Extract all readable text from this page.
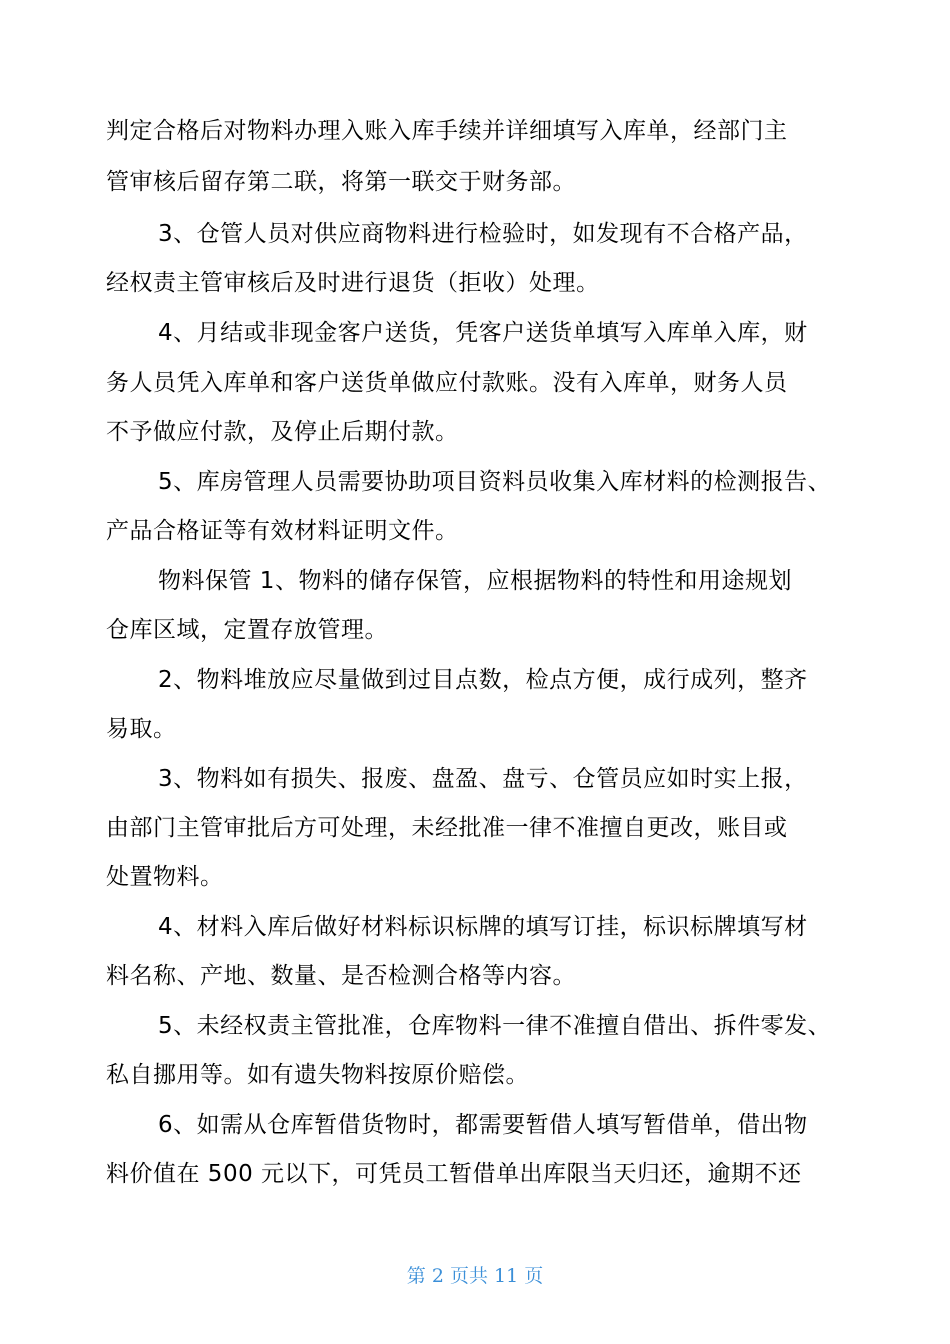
判定合格后对物料办理入账入库手续并详细填写入库单，经部门主
管审核后留存第二联，将第一联交于财务部。
3、仓管人员对供应商物料进行检验时，如发现有不合格产品，
经权责主管审核后及时进行退货（拒收）处理。
4、月结或非现金客户送货，凭客户送货单填写入库单入库，财
务人员凭入库单和客户送货单做应付款账。没有入库单，财务人员
不予做应付款，及停止后期付款。
5、库房管理人员需要协助项目资料员收集入库材料的检测报告、
产品合格证等有效材料证明文件。
物料保管 1、物料的储存保管，应根据物料的特性和用途规划
仓库区域，定置存放管理。
2、物料堆放应尽量做到过目点数，检点方便，成行成列，整齐
易取。
3、物料如有损失、报废、盘盈、盘亏、仓管员应如时实上报，
由部门主管审批后方可处理，未经批准一律不准擅自更改，账目或
处置物料。
4、材料入库后做好材料标识标牌的填写订挂，标识标牌填写材
料名称、产地、数量、是否检测合格等内容。
5、未经权责主管批准，仓库物料一律不准擅自借出、拆件零发、
私自挪用等。如有遗失物料按原价赔偿。
6、如需从仓库暂借货物时，都需要暂借人填写暂借单，借出物
料价值在 500 元以下，可凭员工暂借单出库限当天归还，逾期不还
第 2 页共 11 页
